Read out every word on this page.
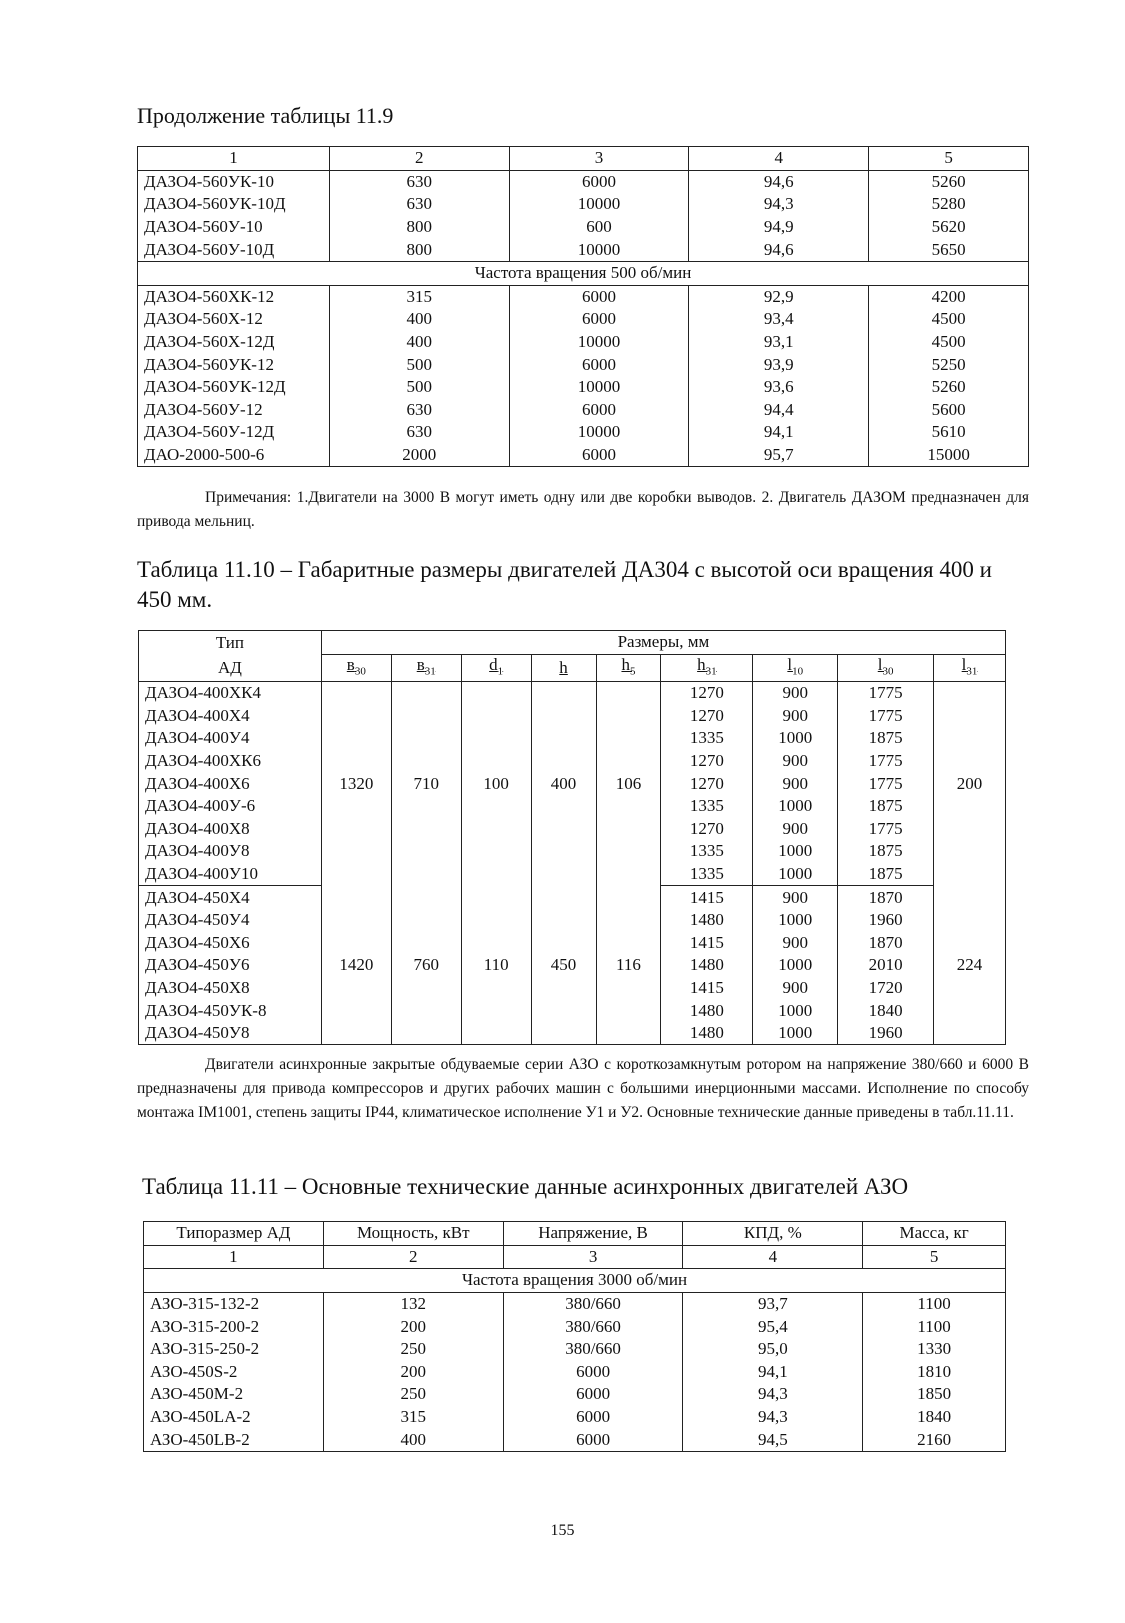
Продолжение таблицы 11.9

1	2	3	4	5
ДАЗО4-560УК-10	630	6000	94,6	5260
ДАЗО4-560УК-10Д	630	10000	94,3	5280
ДАЗО4-560У-10	800	600	94,9	5620
ДАЗО4-560У-10Д	800	10000	94,6	5650
Частота вращения 500 об/мин				
ДАЗО4-560ХК-12	315	6000	92,9	4200
ДАЗО4-560Х-12	400	6000	93,4	4500
ДАЗО4-560Х-12Д	400	10000	93,1	4500
ДАЗО4-560УК-12	500	6000	93,9	5250
ДАЗО4-560УК-12Д	500	10000	93,6	5260
ДАЗО4-560У-12	630	6000	94,4	5600
ДАЗО4-560У-12Д	630	10000	94,1	5610
ДАО-2000-500-6	2000	6000	95,7	15000

Примечания: 1.Двигатели на 3000 В могут иметь одну или две коробки выводов. 2. Двигатель ДАЗОМ предназначен для привода мельниц.

Таблица 11.10 – Габаритные размеры двигателей ДА304 с высотой оси вращения 400 и 450 мм.

Тип	Размеры, мм								
АД	$в_{30}$	$в_{31}$	$d_1$	h	$h_5$	$h_{31}$	$l_{10}$	$l_{30}$	$l_{31}$
ДАЗО4-400ХК4	1320	710	100	400	106	1270	900	1775	200
ДАЗО4-400Х4						1270	900	1775	
ДАЗО4-400У4						1335	1000	1875	
ДАЗО4-400ХК6						1270	900	1775	
ДАЗО4-400Х6						1270	900	1775	
ДАЗО4-400У-6						1335	1000	1875	
ДАЗО4-400Х8						1270	900	1775	
ДАЗО4-400У8						1335	1000	1875	
ДАЗО4-400У10						1335	1000	1875	
ДАЗО4-450Х4	1420	760	110	450	116	1415	900	1870	224
ДАЗО4-450У4						1480	1000	1960	
ДАЗО4-450Х6						1415	900	1870	
ДАЗО4-450У6						1480	1000	2010	
ДАЗО4-450Х8						1415	900	1720	
ДАЗО4-450УК-8						1480	1000	1840	
ДАЗО4-450У8						1480	1000	1960	

Двигатели асинхронные закрытые обдуваемые серии АЗО с короткозамкнутым ротором на напряжение 380/660 и 6000 В предназначены для привода компрессоров и других рабочих машин с большими инерционными массами. Исполнение по способу монтажа IM1001, степень защиты IP44, климатическое исполнение У1 и У2. Основные технические данные приведены в табл.11.11.

Таблица 11.11 – Основные технические данные асинхронных двигателей АЗО

Типоразмер АД	Мощность, кВт	Напряжение, В	КПД, %	Масса, кг
1	2	3	4	5
Частота вращения 3000 об/мин				
АЗО-315-132-2	132	380/660	93,7	1100
АЗО-315-200-2	200	380/660	95,4	1100
АЗО-315-250-2	250	380/660	95,0	1330
АЗО-450S-2	200	6000	94,1	1810
АЗО-450M-2	250	6000	94,3	1850
АЗО-450LA-2	315	6000	94,3	1840
АЗО-450LB-2	400	6000	94,5	2160
155
